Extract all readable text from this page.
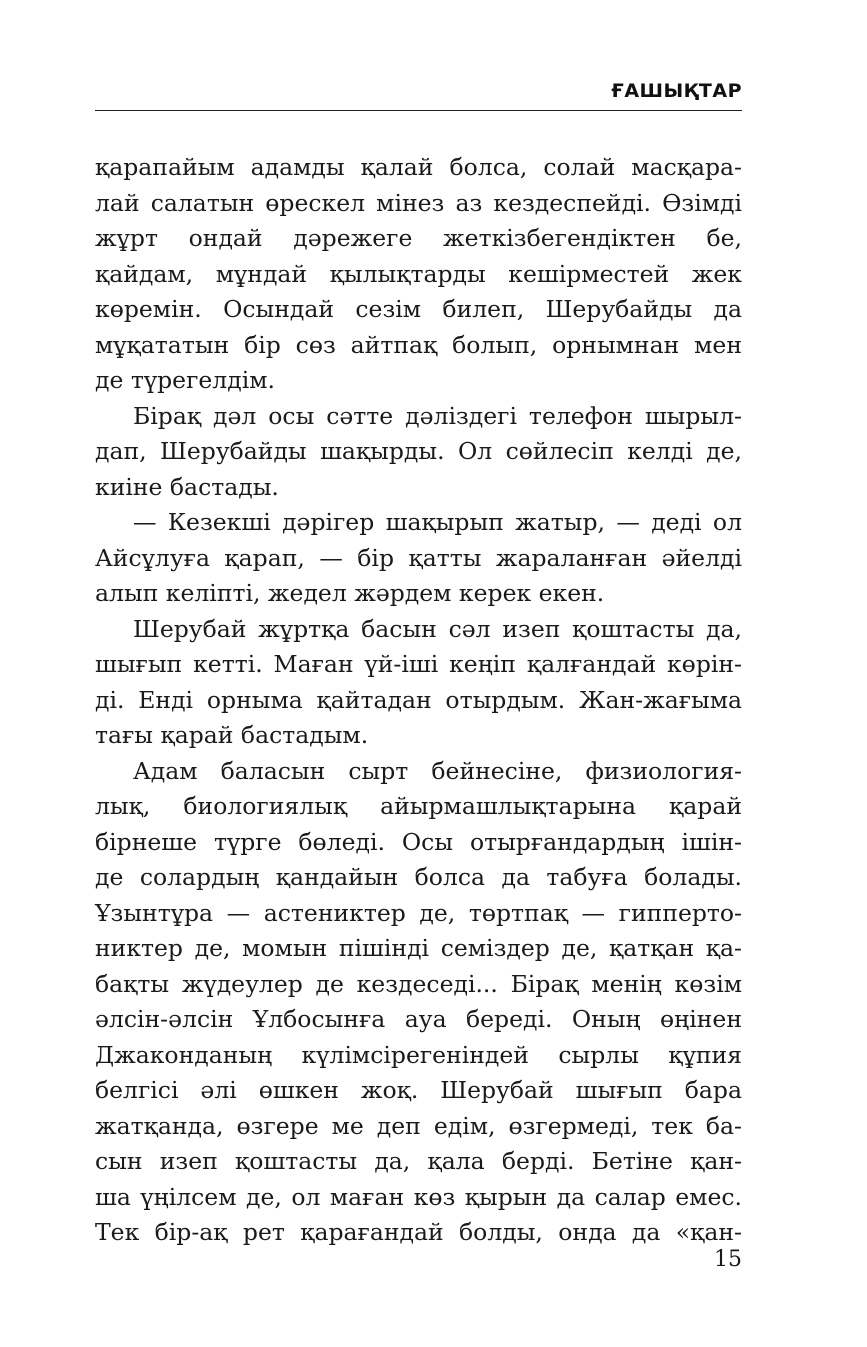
ҒАШЫҚТАР
қарапайым адамды қалай болса, солай масқара-
лай салатын өрескел мінез аз кездеспейді. Өзімді
жұрт ондай дәрежеге жеткізбегендіктен бе,
қайдам, мұндай қылықтарды кешірместей жек
көремін. Осындай сезім билеп, Шерубайды да
мұқататын бір сөз айтпақ болып, орнымнан мен
де түрегелдім.
Бірақ дәл осы сәтте дәліздегі телефон шырыл-
дап, Шерубайды шақырды. Ол сөйлесіп келді де,
киіне бастады.
— Кезекші дәрігер шақырып жатыр, — деді ол
Айсұлуға қарап, — бір қатты жараланған әйелді
алып келіпті, жедел жәрдем керек екен.
Шерубай жұртқа басын сәл изеп қоштасты да,
шығып кетті. Маған үй-іші кеңіп қалғандай көрін-
ді. Енді орныма қайтадан отырдым. Жан-жағыма
тағы қарай бастадым.
Адам баласын сырт бейнесіне, физиология-
лық, биологиялық айырмашлықтарына қарай
бірнеше түрге бөледі. Осы отырғандардың ішін-
де солардың қандайын болса да табуға болады.
Ұзынтұра — астениктер де, төртпақ — гипперто-
никтер де, момын пішінді семіздер де, қатқан қа-
бақты жүдеулер де кездеседі... Бірақ менің көзім
әлсін-әлсін Ұлбосынға ауа береді. Оның өңінен
Джаконданың күлімсірегеніндей сырлы құпия
белгісі әлі өшкен жоқ. Шерубай шығып бара
жатқанда, өзгере ме деп едім, өзгермеді, тек ба-
сын изеп қоштасты да, қала берді. Бетіне қан-
ша үңілсем де, ол маған көз қырын да салар емес.
Тек бір-ақ рет қарағандай болды, онда да «қан-
15
